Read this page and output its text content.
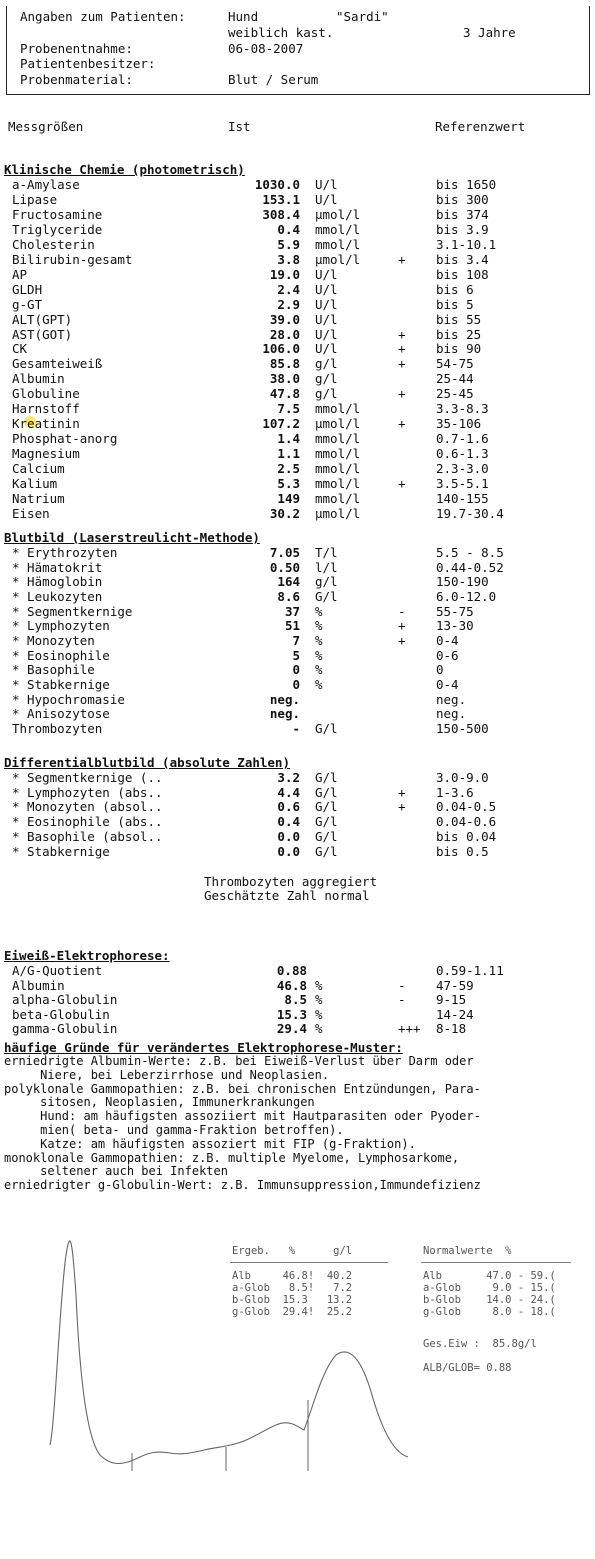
Angaben zum Patienten:	Hund	"Sardi"
weiblich kast.	3 Jahre
Probenentnahme:	06-08-2007
Patientenbesitzer:
Probenmaterial:	Blut / Serum
Messgrößen	Ist	Referenzwert
Klinische Chemie (photometrisch)
a-Amylase	1030.0 U/l	bis 1650
Lipase	153.1 U/l	bis 300
Fructosamine	308.4 µmol/l	bis 374
Triglyceride	0.4 mmol/l	bis 3.9
Cholesterin	5.9 mmol/l	3.1-10.1
Bilirubin-gesamt	3.8 µmol/l	+ bis 3.4
AP	19.0 U/l	bis 108
GLDH	2.4 U/l	bis 6
g-GT	2.9 U/l	bis 5
ALT(GPT)	39.0 U/l	bis 55
AST(GOT)	28.0 U/l	+ bis 25
CK	106.0 U/l	+ bis 90
Gesamteiweiß	85.8 g/l	+ 54-75
Albumin	38.0 g/l	25-44
Globuline	47.8 g/l	+ 25-45
Harnstoff	7.5 mmol/l	3.3-8.3
Kreatinin	107.2 µmol/l	+ 35-106
Phosphat-anorg	1.4 mmol/l	0.7-1.6
Magnesium	1.1 mmol/l	0.6-1.3
Calcium	2.5 mmol/l	2.3-3.0
Kalium	5.3 mmol/l	+ 3.5-5.1
Natrium	149 mmol/l	140-155
Eisen	30.2 µmol/l	19.7-30.4
Blutbild (Laserstreulicht-Methode)
* Erythrozyten	7.05 T/l	5.5 - 8.5
* Hämatokrit	0.50 l/l	0.44-0.52
* Hämoglobin	164 g/l	150-190
* Leukozyten	8.6 G/l	6.0-12.0
* Segmentkernige	37 %	- 55-75
* Lymphozyten	51 %	+ 13-30
* Monozyten	7 %	+ 0-4
* Eosinophile	5 %	0-6
* Basophile	0 %	0
* Stabkernige	0 %	0-4
* Hypochromasie	neg.	neg.
* Anisozytose	neg.	neg.
Thrombozyten	- G/l	150-500
Differentialblutbild (absolute Zahlen)
* Segmentkernige (..	3.2 G/l	3.0-9.0
* Lymphozyten (abs..	4.4 G/l	+ 1-3.6
* Monozyten (absol..	0.6 G/l	+ 0.04-0.5
* Eosinophile (abs..	0.4 G/l	0.04-0.6
* Basophile (absol..	0.0 G/l	bis 0.04
* Stabkernige	0.0 G/l	bis 0.5
Eiweiß-Elektrophorese:
A/G-Quotient	0.88	0.59-1.11
Albumin	46.8 %	- 47-59
alpha-Globulin	8.5 %	- 9-15
beta-Globulin	15.3 %	14-24
gamma-Globulin	29.4 %	+++ 8-18
Thrombozyten aggregiert
Geschätzte Zahl normal
häufige Gründe für verändertes Elektrophorese-Muster:
erniedrigte Albumin-Werte: z.B. bei Eiweiß-Verlust über Darm oder
Niere, bei Leberzirrhose und Neoplasien.
polyklonale Gammopathien: z.B. bei chronischen Entzündungen, Para-
sitosen, Neoplasien, Immunerkrankungen
Hund: am häufigsten assoziiert mit Hautparasiten oder Pyoder-
mien( beta- und gamma-Fraktion betroffen).
Katze: am häufigsten assoziert mit FIP (g-Fraktion).
monoklonale Gammopathien: z.B. multiple Myelome, Lymphosarkome,
seltener auch bei Infekten
erniedrigter g-Globulin-Wert: z.B. Immunsuppression,Immundefizienz
Ergeb.   %      g/l
Alb     46.8!  40.2
a-Glob   8.5!   7.2
b-Glob  15.3   13.2
g-Glob  29.4!  25.2
Normalwerte  %
Alb       47.0 - 59.(
a-Glob     9.0 - 15.(
b-Glob    14.0 - 24.(
g-Glob     8.0 - 18.(
Ges.Eiw :  85.8g/l
ALB/GLOB= 0.88
